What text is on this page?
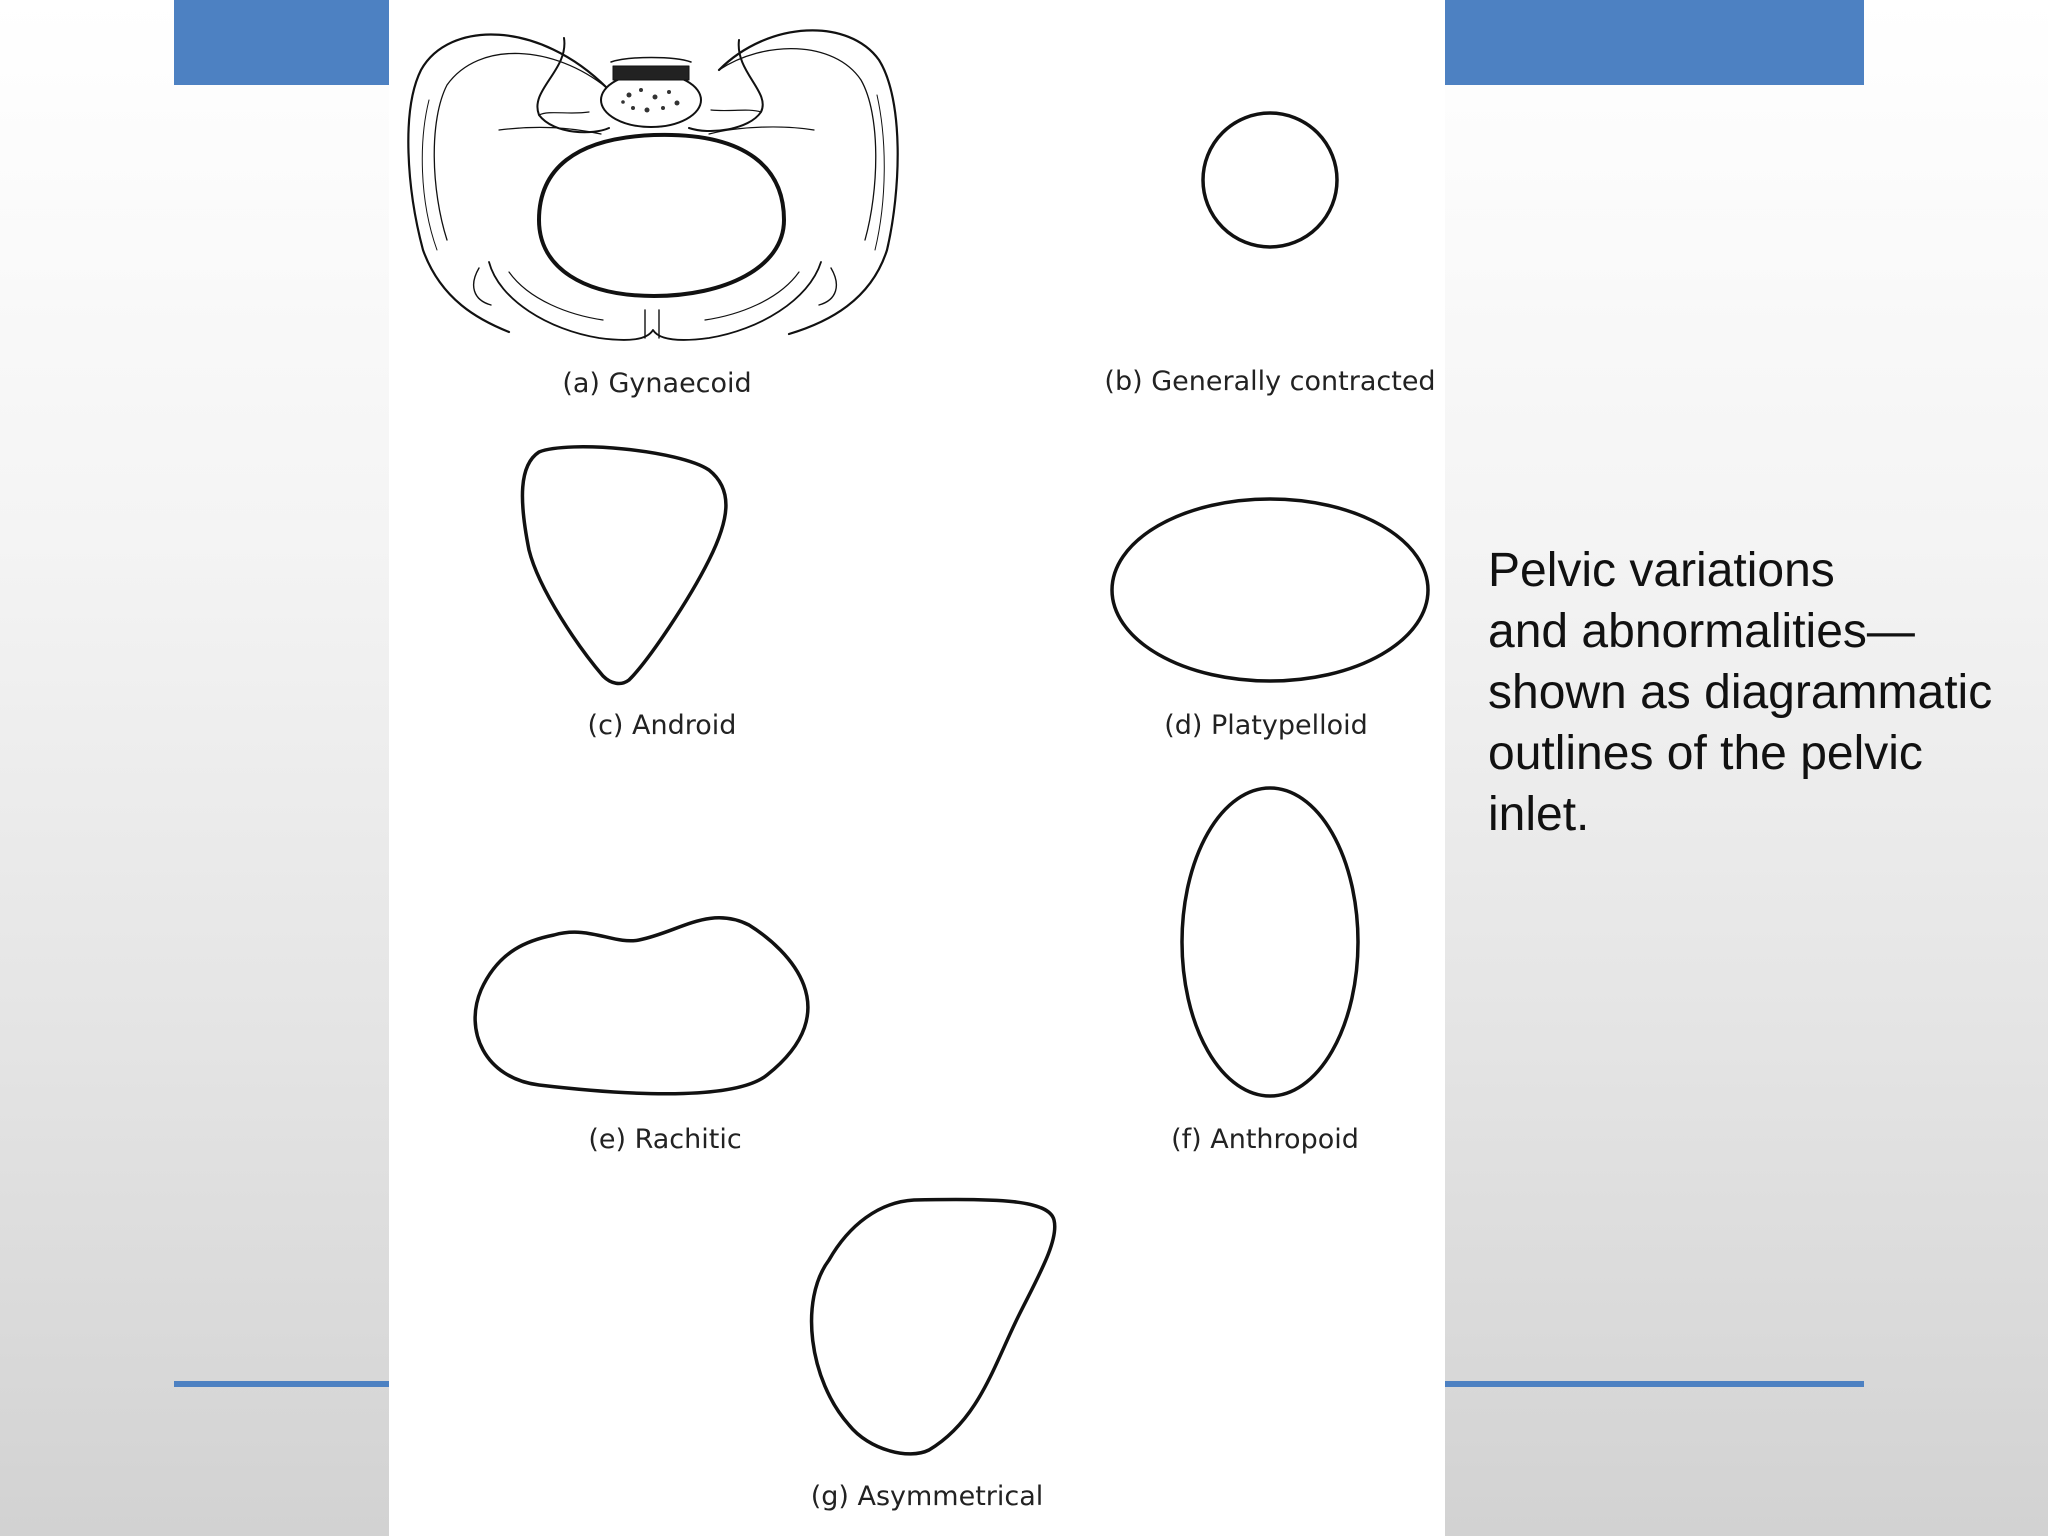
(a) Gynaecoid	(b) Generally contracted
(c) Android	(d) Platypelloid
(e) Rachitic	(f) Anthropoid
(g) Asymmetrical
Pelvic variations
and abnormalities—
shown as diagrammatic
outlines of the pelvic
inlet.
